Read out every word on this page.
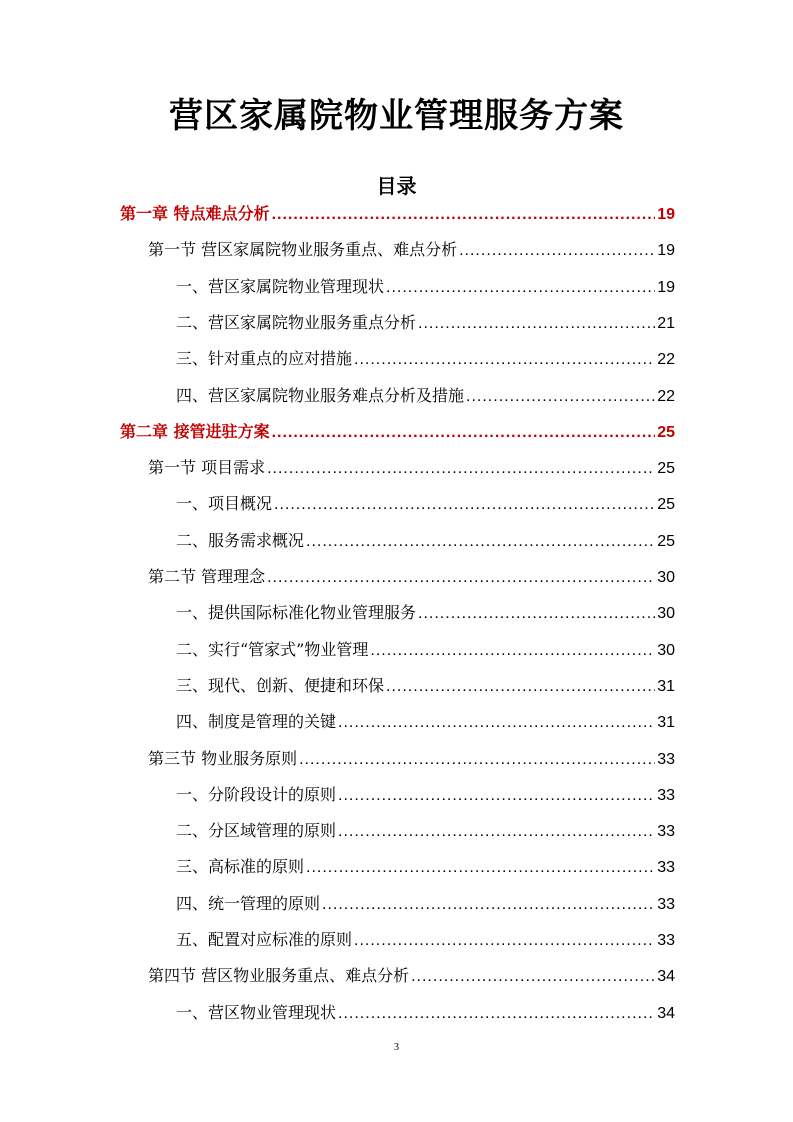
营区家属院物业管理服务方案
目录
第一章 特点难点分析 .....	19
第一节 营区家属院物业服务重点、难点分析 .....	19
一、营区家属院物业管理现状 .....	19
二、营区家属院物业服务重点分析 .....	21
三、针对重点的应对措施 .....	22
四、营区家属院物业服务难点分析及措施 .....	22
第二章 接管进驻方案 .....	25
第一节 项目需求 .....	25
一、项目概况 .....	25
二、服务需求概况 .....	25
第二节 管理理念 .....	30
一、提供国际标准化物业管理服务 .....	30
二、实行“管家式”物业管理 .....	30
三、现代、创新、便捷和环保 .....	31
四、制度是管理的关键 .....	31
第三节 物业服务原则 .....	33
一、分阶段设计的原则 .....	33
二、分区域管理的原则 .....	33
三、高标准的原则 .....	33
四、统一管理的原则 .....	33
五、配置对应标准的原则 .....	33
第四节 营区物业服务重点、难点分析 .....	34
一、营区物业管理现状 .....	34
3
